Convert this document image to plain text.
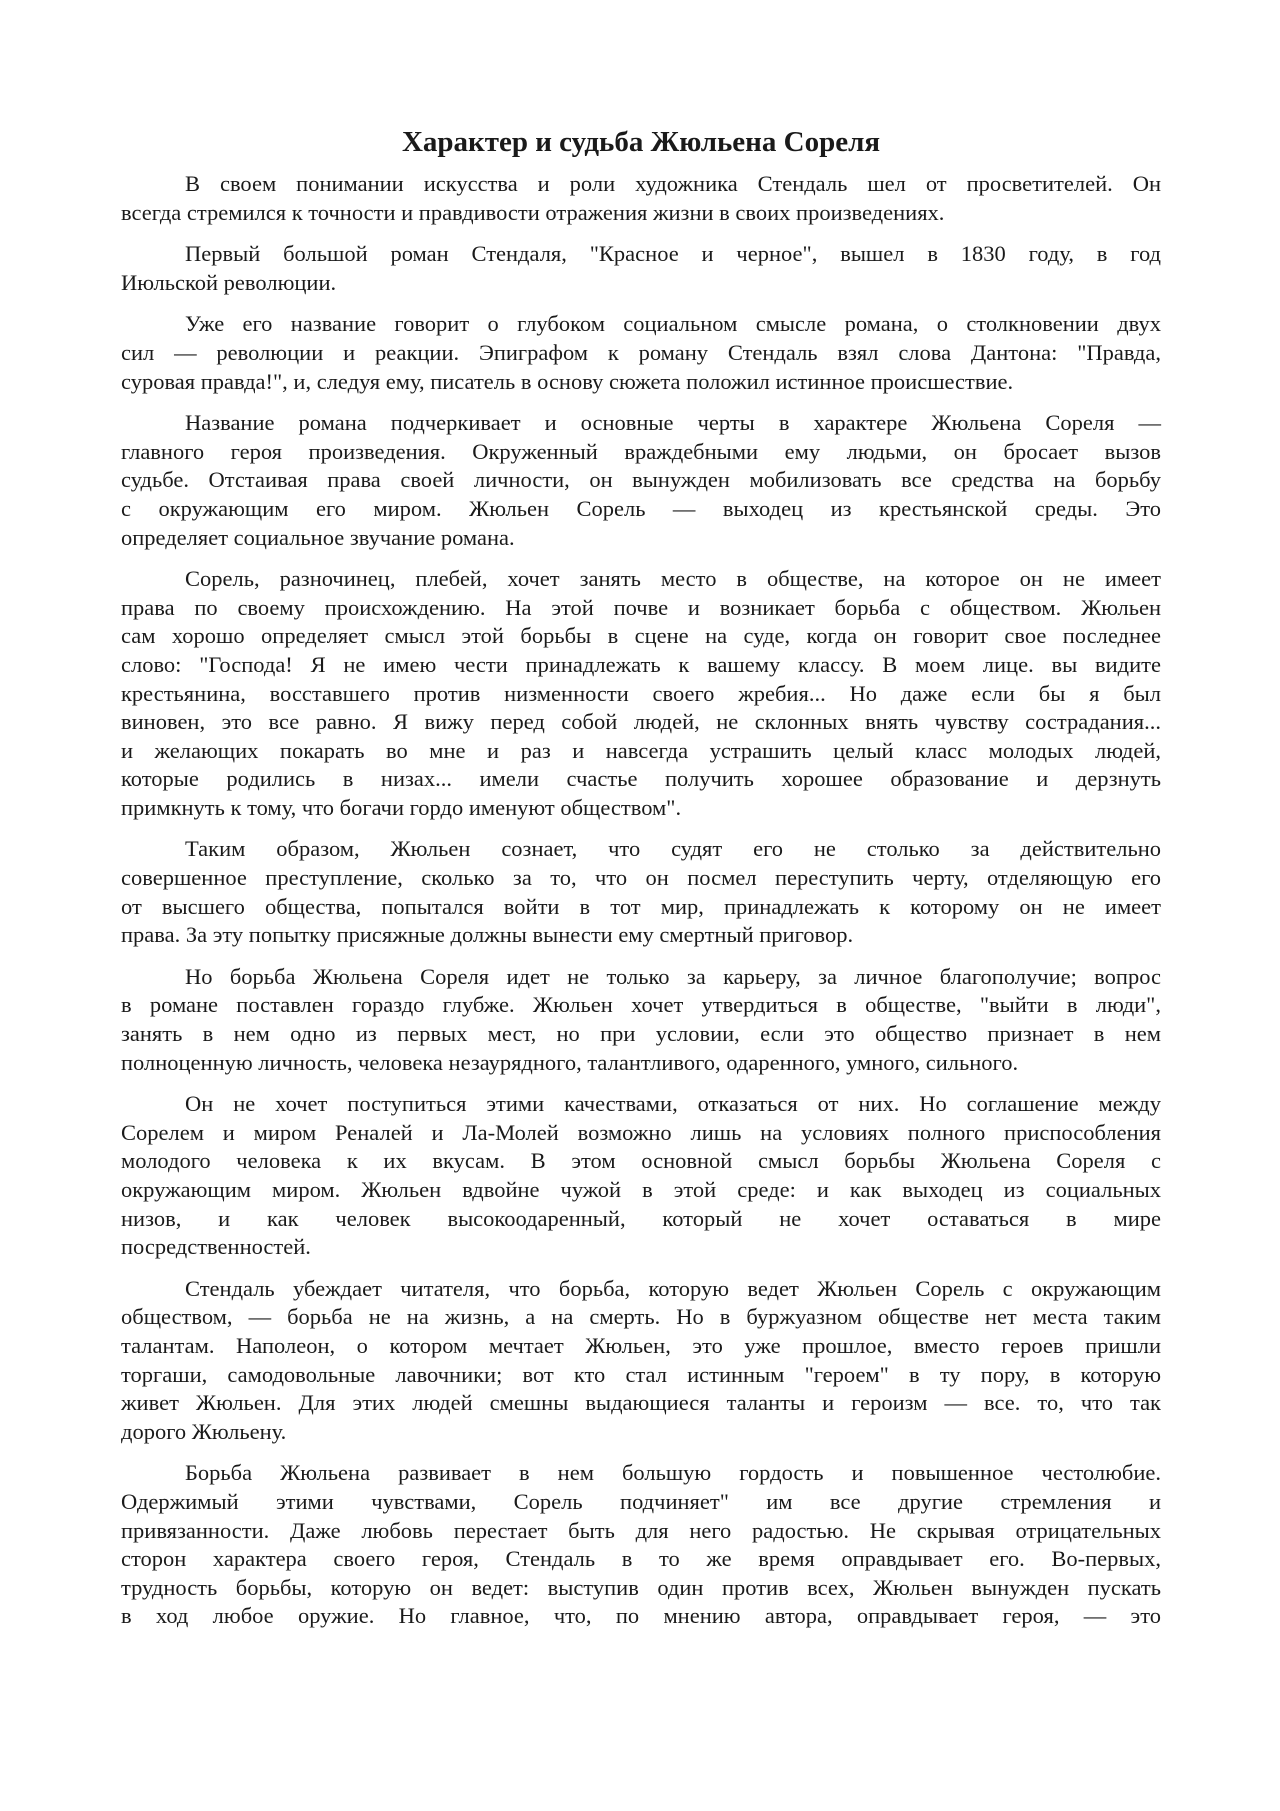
Характер и судьба Жюльена Сореля
В своем понимании искусства и роли художника Стендаль шел от просветителей. Он
всегда стремился к точности и правдивости отражения жизни в своих произведениях.
Первый большой роман Стендаля, "Красное и черное", вышел в 1830 году, в год
Июльской революции.
Уже его название говорит о глубоком социальном смысле романа, о столкновении двух
сил — революции и реакции. Эпиграфом к роману Стендаль взял слова Дантона: "Правда,
суровая правда!", и, следуя ему, писатель в основу сюжета положил истинное происшествие.
Название романа подчеркивает и основные черты в характере Жюльена Сореля —
главного героя произведения. Окруженный враждебными ему людьми, он бросает вызов
судьбе. Отстаивая права своей личности, он вынужден мобилизовать все средства на борьбу
с окружающим его миром. Жюльен Сорель — выходец из крестьянской среды. Это
определяет социальное звучание романа.
Сорель, разночинец, плебей, хочет занять место в обществе, на которое он не имеет
права по своему происхождению. На этой почве и возникает борьба с обществом. Жюльен
сам хорошо определяет смысл этой борьбы в сцене на суде, когда он говорит свое последнее
слово: "Господа! Я не имею чести принадлежать к вашему классу. В моем лице. вы видите
крестьянина, восставшего против низменности своего жребия... Но даже если бы я был
виновен, это все равно. Я вижу перед собой людей, не склонных внять чувству сострадания...
и желающих покарать во мне и раз и навсегда устрашить целый класс молодых людей,
которые родились в низах... имели счастье получить хорошее образование и дерзнуть
примкнуть к тому, что богачи гордо именуют обществом".
Таким образом, Жюльен сознает, что судят его не столько за действительно
совершенное преступление, сколько за то, что он посмел переступить черту, отделяющую его
от высшего общества, попытался войти в тот мир, принадлежать к которому он не имеет
права. За эту попытку присяжные должны вынести ему смертный приговор.
Но борьба Жюльена Сореля идет не только за карьеру, за личное благополучие; вопрос
в романе поставлен гораздо глубже. Жюльен хочет утвердиться в обществе, "выйти в люди",
занять в нем одно из первых мест, но при условии, если это общество признает в нем
полноценную личность, человека незаурядного, талантливого, одаренного, умного, сильного.
Он не хочет поступиться этими качествами, отказаться от них. Но соглашение между
Сорелем и миром Реналей и Ла-Молей возможно лишь на условиях полного приспособления
молодого человека к их вкусам. В этом основной смысл борьбы Жюльена Сореля с
окружающим миром. Жюльен вдвойне чужой в этой среде: и как выходец из социальных
низов, и как человек высокоодаренный, который не хочет оставаться в мире
посредственностей.
Стендаль убеждает читателя, что борьба, которую ведет Жюльен Сорель с окружающим
обществом, — борьба не на жизнь, а на смерть. Но в буржуазном обществе нет места таким
талантам. Наполеон, о котором мечтает Жюльен, это уже прошлое, вместо героев пришли
торгаши, самодовольные лавочники; вот кто стал истинным "героем" в ту пору, в которую
живет Жюльен. Для этих людей смешны выдающиеся таланты и героизм — все. то, что так
дорого Жюльену.
Борьба Жюльена развивает в нем большую гордость и повышенное честолюбие.
Одержимый этими чувствами, Сорель подчиняет" им все другие стремления и
привязанности. Даже любовь перестает быть для него радостью. Не скрывая отрицательных
сторон характера своего героя, Стендаль в то же время оправдывает его. Во-первых,
трудность борьбы, которую он ведет: выступив один против всех, Жюльен вынужден пускать
в ход любое оружие. Но главное, что, по мнению автора, оправдывает героя, — это
